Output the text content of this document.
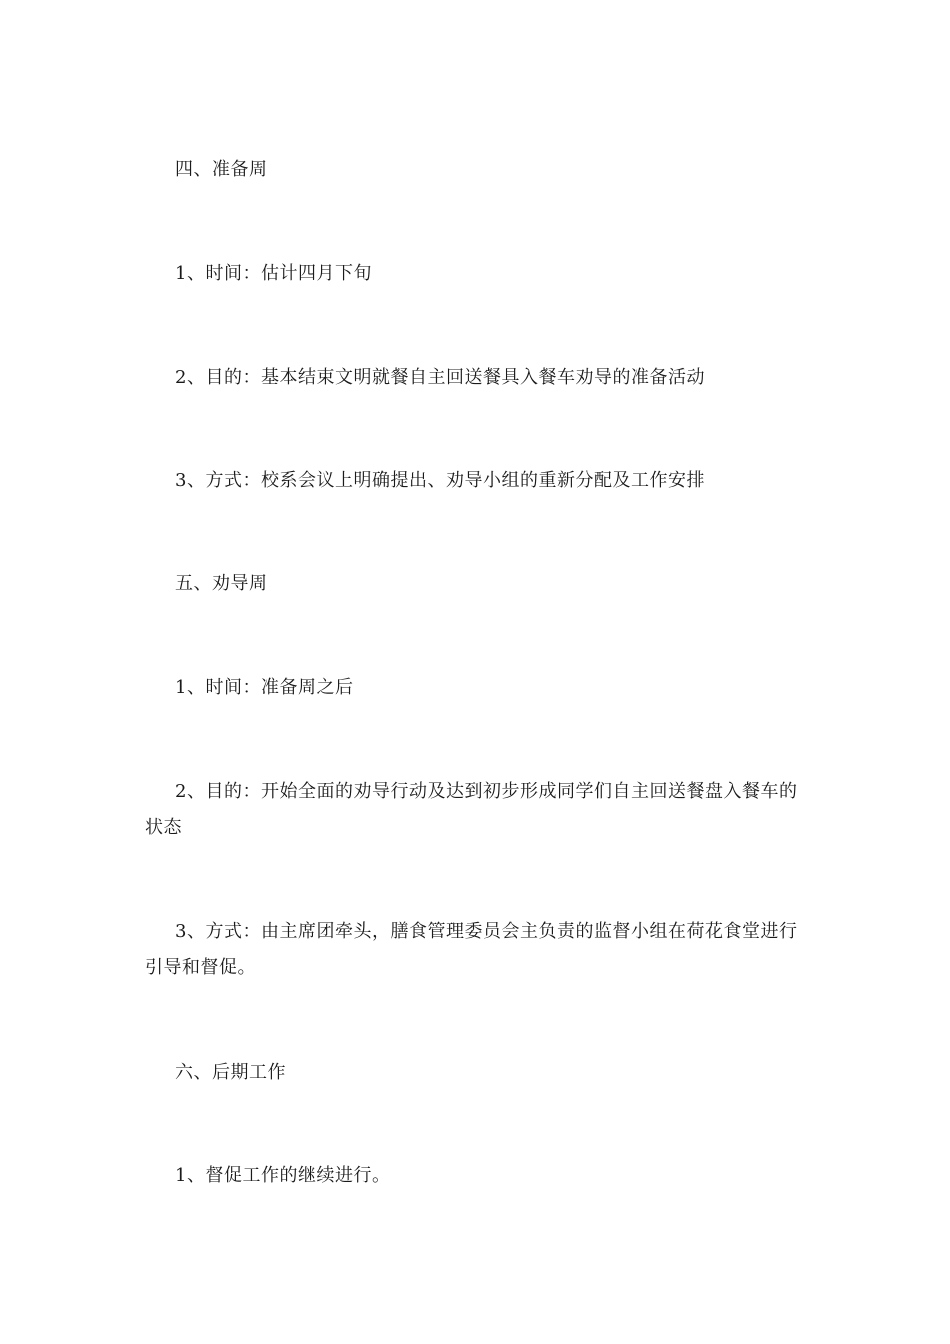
四、准备周

1、时间：估计四月下旬

2、目的：基本结束文明就餐自主回送餐具入餐车劝导的准备活动

3、方式：校系会议上明确提出、劝导小组的重新分配及工作安排

五、劝导周

1、时间：准备周之后

2、目的：开始全面的劝导行动及达到初步形成同学们自主回送餐盘入餐车的状态

3、方式：由主席团牵头，膳食管理委员会主负责的监督小组在荷花食堂进行引导和督促。

六、后期工作

1、督促工作的继续进行。
